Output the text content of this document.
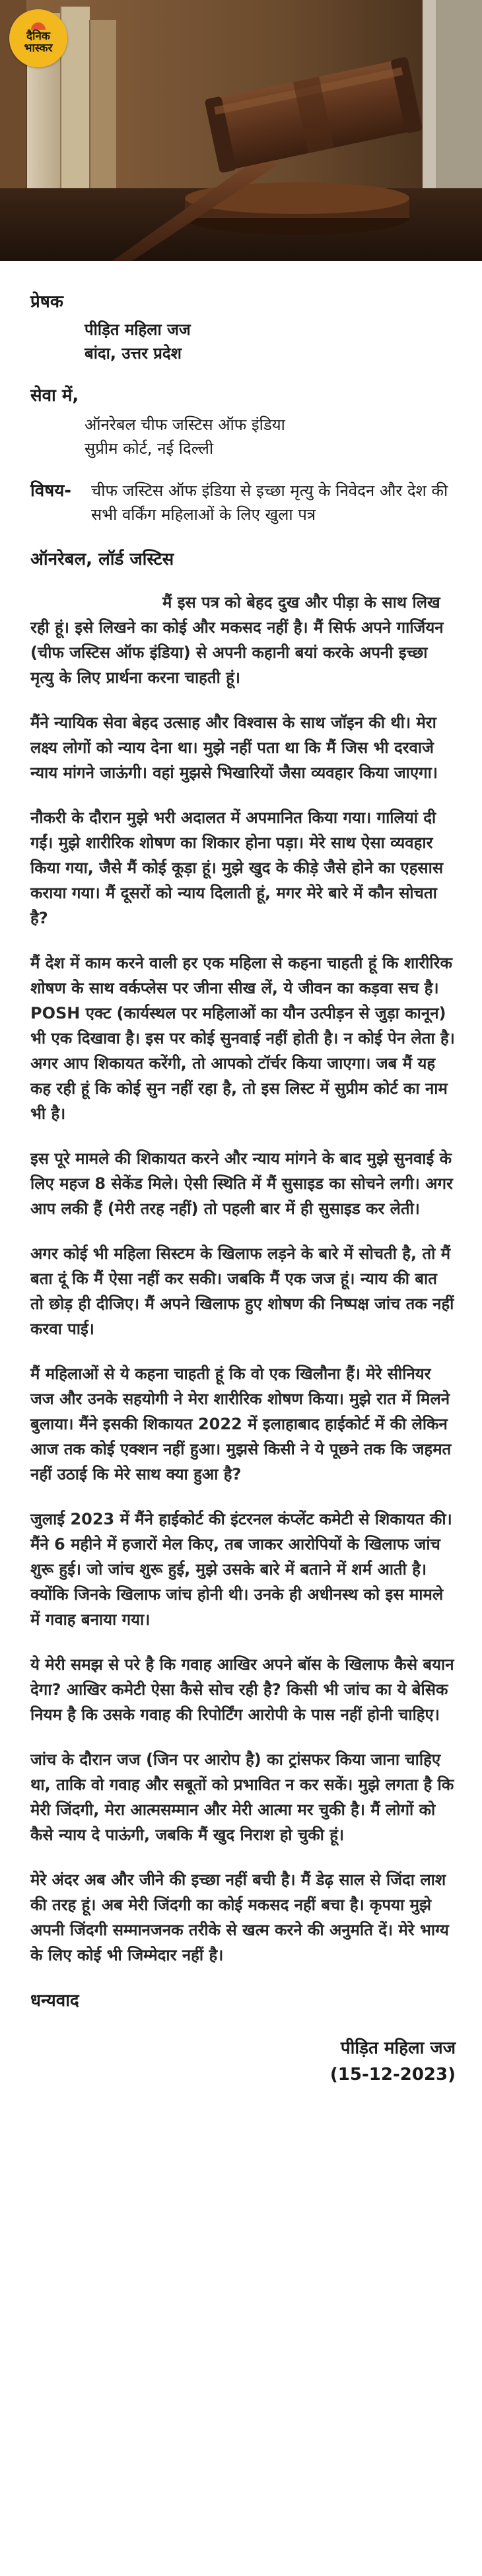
दैनिक
भास्कर
प्रेषक
पीड़ित महिला जज
बांदा, उत्तर प्रदेश
सेवा में,
ऑनरेबल चीफ जस्टिस ऑफ इंडिया
सुप्रीम कोर्ट, नई दिल्ली
विषय-	चीफ जस्टिस ऑफ इंडिया से इच्छा मृत्यु के निवेदन और देश की सभी वर्किंग महिलाओं के लिए खुला पत्र
ऑनरेबल, लॉर्ड जस्टिस

मैं इस पत्र को बेहद दुख और पीड़ा के साथ लिख रही हूं। इसे लिखने का कोई और मकसद नहीं है। मैं सिर्फ अपने गार्जियन (चीफ जस्टिस ऑफ इंडिया) से अपनी कहानी बयां करके अपनी इच्छा मृत्यु के लिए प्रार्थना करना चाहती हूं।

मैंने न्यायिक सेवा बेहद उत्साह और विश्वास के साथ जॉइन की थी। मेरा लक्ष्य लोगों को न्याय देना था। मुझे नहीं पता था कि मैं जिस भी दरवाजे न्याय मांगने जाऊंगी। वहां मुझसे भिखारियों जैसा व्यवहार किया जाएगा।

नौकरी के दौरान मुझे भरी अदालत में अपमानित किया गया। गालियां दी गईं। मुझे शारीरिक शोषण का शिकार होना पड़ा। मेरे साथ ऐसा व्यवहार किया गया, जैसे मैं कोई कूड़ा हूं। मुझे खुद के कीड़े जैसे होने का एहसास कराया गया। मैं दूसरों को न्याय दिलाती हूं, मगर मेरे बारे में कौन सोचता है?

मैं देश में काम करने वाली हर एक महिला से कहना चाहती हूं कि शारीरिक शोषण के साथ वर्कप्लेस पर जीना सीख लें, ये जीवन का कड़वा सच है। POSH एक्ट (कार्यस्थल पर महिलाओं का यौन उत्पीड़न से जुड़ा कानून) भी एक दिखावा है। इस पर कोई सुनवाई नहीं होती है। न कोई पेन लेता है। अगर आप शिकायत करेंगी, तो आपको टॉर्चर किया जाएगा। जब मैं यह कह रही हूं कि कोई सुन नहीं रहा है, तो इस लिस्ट में सुप्रीम कोर्ट का नाम भी है।

इस पूरे मामले की शिकायत करने और न्याय मांगने के बाद मुझे सुनवाई के लिए महज 8 सेकेंड मिले। ऐसी स्थिति में मैं सुसाइड का सोचने लगी। अगर आप लकी हैं (मेरी तरह नहीं) तो पहली बार में ही सुसाइड कर लेती।

अगर कोई भी महिला सिस्टम के खिलाफ लड़ने के बारे में सोचती है, तो मैं बता दूं कि मैं ऐसा नहीं कर सकी। जबकि मैं एक जज हूं। न्याय की बात तो छोड़ ही दीजिए। मैं अपने खिलाफ हुए शोषण की निष्पक्ष जांच तक नहीं करवा पाई।

मैं महिलाओं से ये कहना चाहती हूं कि वो एक खिलौना हैं। मेरे सीनियर जज और उनके सहयोगी ने मेरा शारीरिक शोषण किया। मुझे रात में मिलने बुलाया। मैंने इसकी शिकायत 2022 में इलाहाबाद हाईकोर्ट में की लेकिन आज तक कोई एक्शन नहीं हुआ। मुझसे किसी ने ये पूछने तक कि जहमत नहीं उठाई कि मेरे साथ क्या हुआ है?

जुलाई 2023 में मैंने हाईकोर्ट की इंटरनल कंप्लेंट कमेटी से शिकायत की। मैंने 6 महीने में हजारों मेल किए, तब जाकर आरोपियों के खिलाफ जांच शुरू हुई। जो जांच शुरू हुई, मुझे उसके बारे में बताने में शर्म आती है। क्योंकि जिनके खिलाफ जांच होनी थी। उनके ही अधीनस्थ को इस मामले में गवाह बनाया गया।

ये मेरी समझ से परे है कि गवाह आखिर अपने बॉस के खिलाफ कैसे बयान देगा? आखिर कमेटी ऐसा कैसे सोच रही है? किसी भी जांच का ये बेसिक नियम है कि उसके गवाह की रिपोर्टिंग आरोपी के पास नहीं होनी चाहिए।

जांच के दौरान जज (जिन पर आरोप है) का ट्रांसफर किया जाना चाहिए था, ताकि वो गवाह और सबूतों को प्रभावित न कर सकें। मुझे लगता है कि मेरी जिंदगी, मेरा आत्मसम्मान और मेरी आत्मा मर चुकी है। मैं लोगों को कैसे न्याय दे पाऊंगी, जबकि मैं खुद निराश हो चुकी हूं।

मेरे अंदर अब और जीने की इच्छा नहीं बची है। मैं डेढ़ साल से जिंदा लाश की तरह हूं। अब मेरी जिंदगी का कोई मकसद नहीं बचा है। कृपया मुझे अपनी जिंदगी सम्मानजनक तरीके से खत्म करने की अनुमति दें। मेरे भाग्य के लिए कोई भी जिम्मेदार नहीं है।

धन्यवाद
पीड़ित महिला जज
(15-12-2023)
